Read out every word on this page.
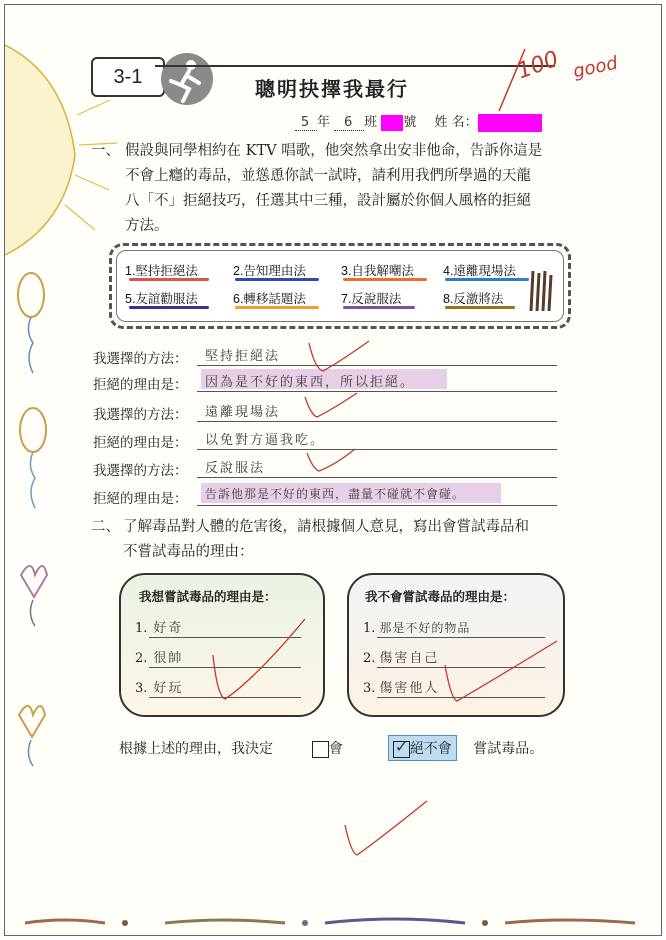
3-1
聰明抉擇我最行
100 good
5 年 6 班 號 姓 名：
一、 假設與同學相約在 KTV 唱歌，他突然拿出安非他命，告訴你這是
不會上癮的毒品，並慫恿你試一試時，請利用我們所學過的天龍
八「不」拒絕技巧，任選其中三種，設計屬於你個人風格的拒絕
方法。
1.堅持拒絕法	2.告知理由法	3.自我解嘲法 4.遠離現場法
5.友誼勸服法	6.轉移話題法	7.反說服法	8.反激將法
我選擇的方法： 堅持拒絕法
拒絕的理由是： 因為是不好的東西，所以拒絕。
我選擇的方法： 遠離現場法
拒絕的理由是： 以免對方逼我吃。
我選擇的方法： 反說服法
拒絕的理由是： 告訴他那是不好的東西，盡量不碰就不會碰。
二、 了解毒品對人體的危害後，請根據個人意見，寫出會嘗試毒品和
不嘗試毒品的理由：
我想嘗試毒品的理由是：
1. 好奇
2. 很帥
3. 好玩
我不會嘗試毒品的理由是：
1. 那是不好的物品
2. 傷害自己
3. 傷害他人
根據上述的理由，我決定	會	✓ 絕不會 嘗試毒品。
